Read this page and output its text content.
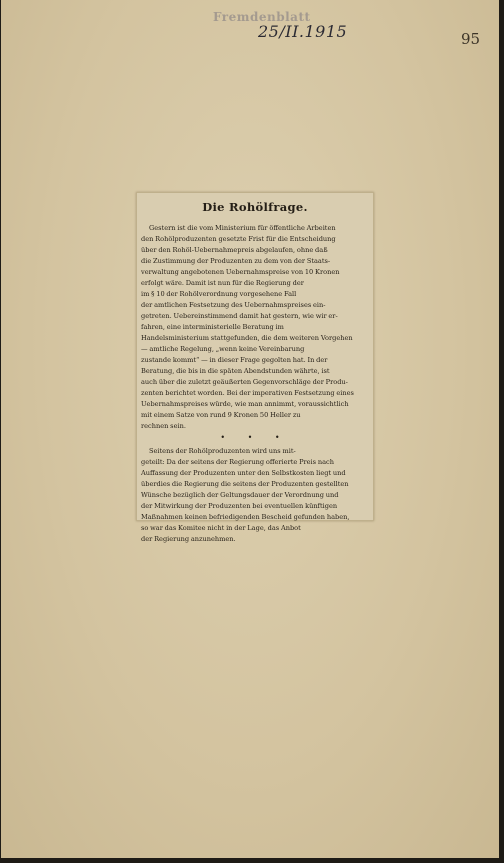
Fremdenblatt
25/II.1915	95
Die Rohölfrage.

Gestern ist die vom Ministerium für öffentliche Arbeiten
den Rohölproduzenten gesetzte Frist für die Entscheidung
über den Rohöl-Uebernahmepreis abgelaufen, ohne daß
die Zustimmung der Produzenten zu dem von der Staats-
verwaltung angebotenen Uebernahmspreise von 10 Kronen
erfolgt wäre. Damit ist nun für die Regierung der
im § 10 der Rohölverordnung vorgesehene Fall
der amtlichen Festsetzung des Uebernahmspreises ein-
getreten. Uebereinstimmend damit hat gestern, wie wir er-
fahren, eine interministerielle Beratung im
Handelsministerium stattgefunden, die dem weiteren Vorgehen
— amtliche Regelung, „wenn keine Vereinbarung
zustande kommt“ — in dieser Frage gegolten hat. In der
Beratung, die bis in die späten Abendstunden währte, ist
auch über die zuletzt geäußerten Gegenvorschläge der Produ-
zenten berichtet worden. Bei der imperativen Festsetzung eines
Uebernahmspreises würde, wie man annimmt, voraussichtlich
mit einem Satze von rund 9 Kronen 50 Heller zu
rechnen sein.

• • •

Seitens der Rohölproduzenten wird uns mit-
geteilt: Da der seitens der Regierung offerierte Preis nach
Auffassung der Produzenten unter den Selbstkosten liegt und
überdies die Regierung die seitens der Produzenten gestellten
Wünsche bezüglich der Geltungsdauer der Verordnung und
der Mitwirkung der Produzenten bei eventuellen künftigen
Maßnahmen keinen befriedigenden Bescheid gefunden haben,
so war das Komitee nicht in der Lage, das Anbot
der Regierung anzunehmen.
